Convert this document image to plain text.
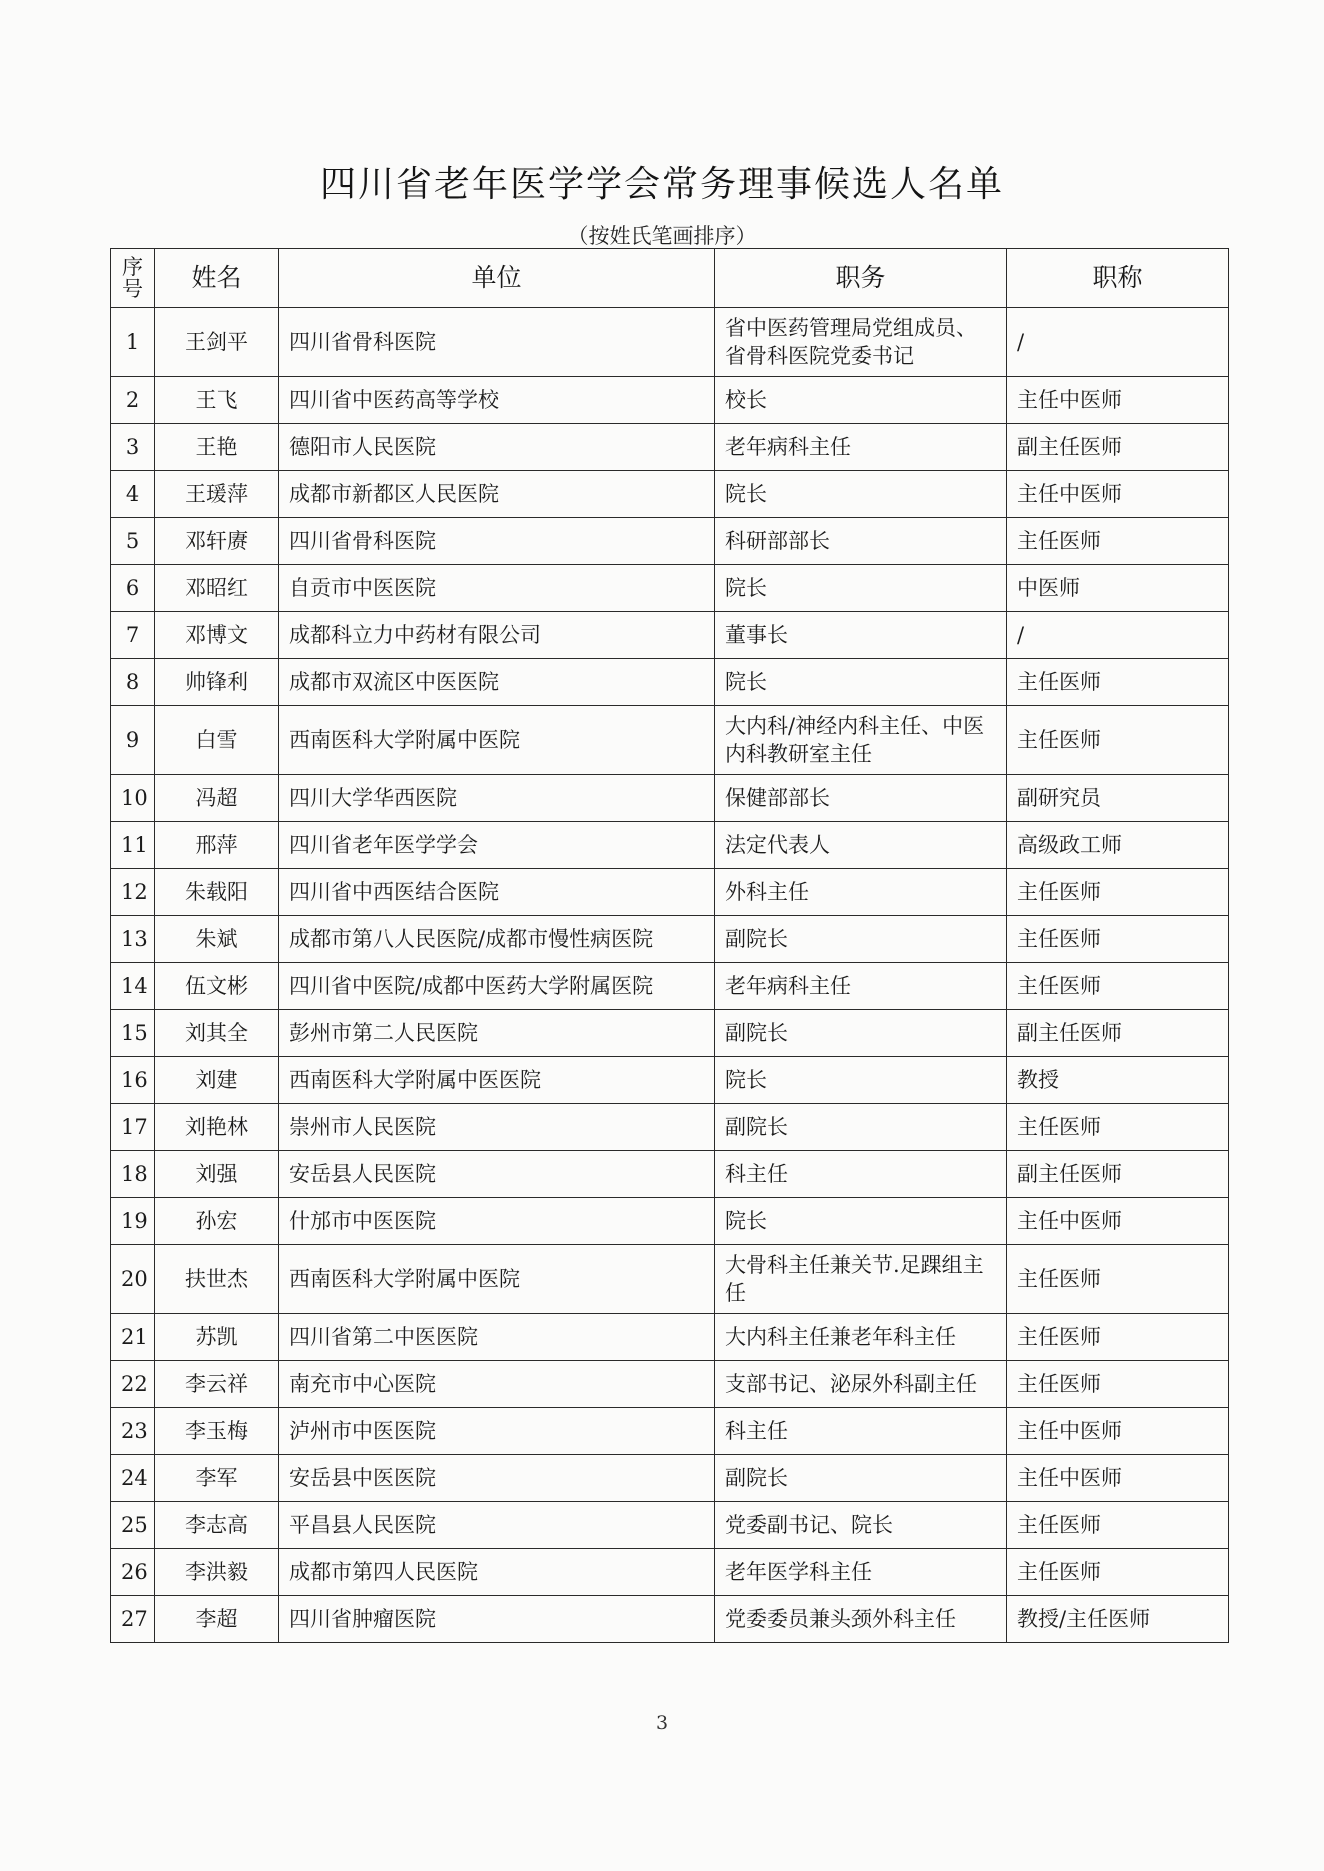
四川省老年医学学会常务理事候选人名单
（按姓氏笔画排序）
序号	姓名	单位	职务	职称
1	王剑平	四川省骨科医院	省中医药管理局党组成员、省骨科医院党委书记	/
2	王飞	四川省中医药高等学校	校长	主任中医师
3	王艳	德阳市人民医院	老年病科主任	副主任医师
4	王瑗萍	成都市新都区人民医院	院长	主任中医师
5	邓轩赓	四川省骨科医院	科研部部长	主任医师
6	邓昭红	自贡市中医医院	院长	中医师
7	邓博文	成都科立力中药材有限公司	董事长	/
8	帅锋利	成都市双流区中医医院	院长	主任医师
9	白雪	西南医科大学附属中医院	大内科/神经内科主任、中医内科教研室主任	主任医师
10	冯超	四川大学华西医院	保健部部长	副研究员
11	邢萍	四川省老年医学学会	法定代表人	高级政工师
12	朱载阳	四川省中西医结合医院	外科主任	主任医师
13	朱斌	成都市第八人民医院/成都市慢性病医院	副院长	主任医师
14	伍文彬	四川省中医院/成都中医药大学附属医院	老年病科主任	主任医师
15	刘其全	彭州市第二人民医院	副院长	副主任医师
16	刘建	西南医科大学附属中医医院	院长	教授
17	刘艳林	崇州市人民医院	副院长	主任医师
18	刘强	安岳县人民医院	科主任	副主任医师
19	孙宏	什邡市中医医院	院长	主任中医师
20	扶世杰	西南医科大学附属中医院	大骨科主任兼关节.足踝组主任	主任医师
21	苏凯	四川省第二中医医院	大内科主任兼老年科主任	主任医师
22	李云祥	南充市中心医院	支部书记、泌尿外科副主任	主任医师
23	李玉梅	泸州市中医医院	科主任	主任中医师
24	李军	安岳县中医医院	副院长	主任中医师
25	李志高	平昌县人民医院	党委副书记、院长	主任医师
26	李洪毅	成都市第四人民医院	老年医学科主任	主任医师
27	李超	四川省肿瘤医院	党委委员兼头颈外科主任	教授/主任医师
3
